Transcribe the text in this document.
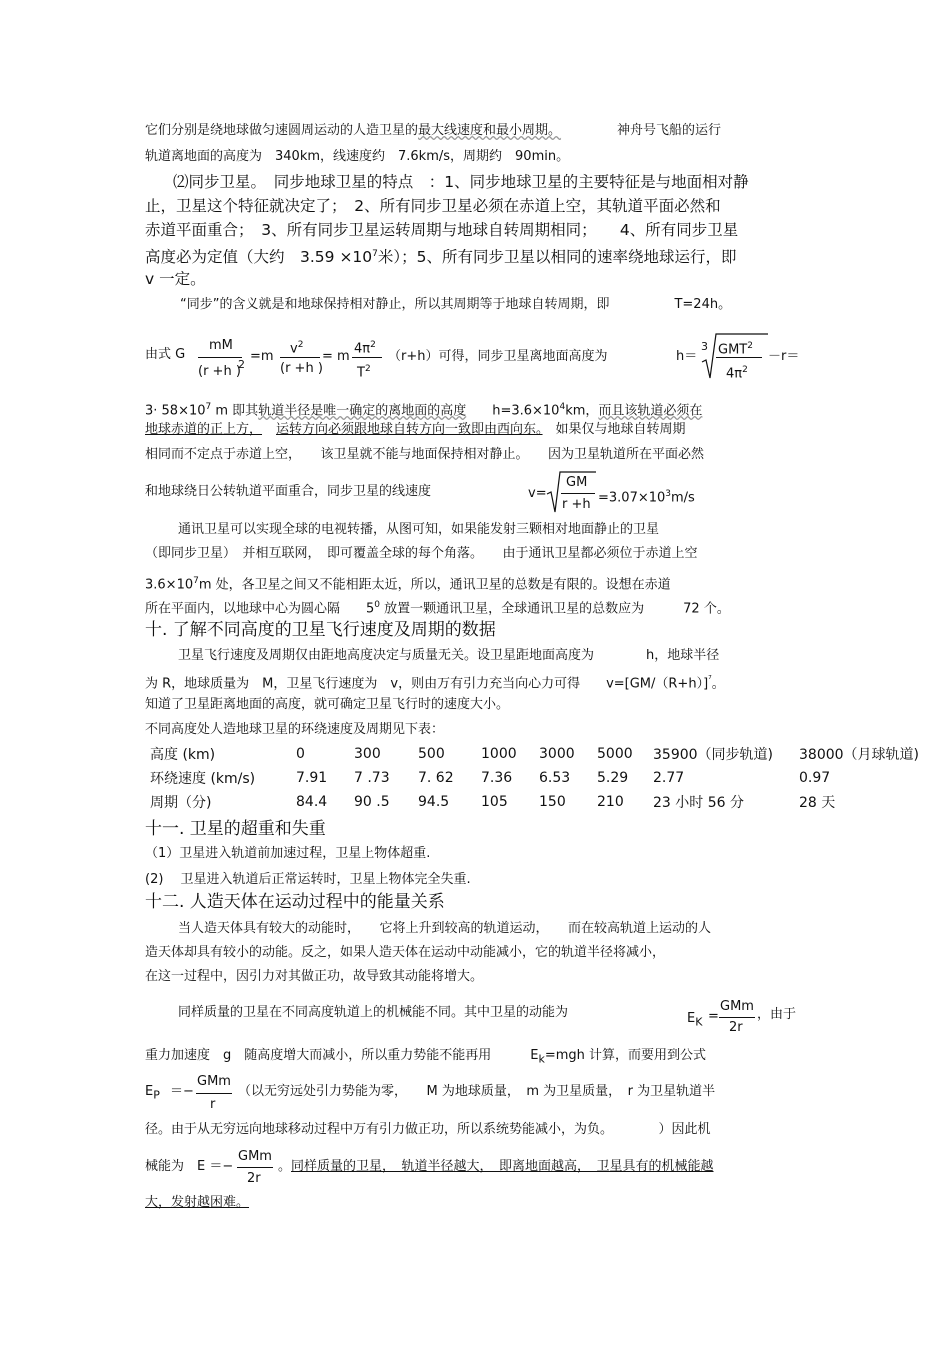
它们分别是绕地球做匀速圆周运动的人造卫星的最大线速度和最小周期。	神舟号飞船的运行
轨道离地面的高度为　340km，线速度约　7.6km/s，周期约　90min。
⑵同步卫星。　同步地球卫星的特点　：1、同步地球卫星的主要特征是与地面相对静
止，卫星这个特征就决定了；　2、所有同步卫星必须在赤道上空，其轨道平面必然和
赤道平面重合；　3、所有同步卫星运转周期与地球自转周期相同；　　4、所有同步卫星
高度必为定值（大约　$3.59 \times 10^7$米）；5、所有同步卫星以相同的速率绕地球运行，即
v 一定。
“同步”的含义就是和地球保持相对静止，所以其周期等于地球自转周期，即　　　　　T=24h。
由式 G
mM
(r +h )
2
=m
$v^2$
(r +h )
= m
$4\pi^2$
$T^2$
（r+h）可得，同步卫星离地面高度为	h＝
3 GMT$^2$
$4\pi^2$
－r＝
$3\cdot 58\times 10^7$ m 即其轨道半径是唯一确定的离地面的高度　　$h=3.6\times 10^4km$，而且该轨道必须在
地球赤道的正上方， 运转方向必须跟地球自转方向一致即由西向东。　如果仅与地球自转周期
相同而不定点于赤道上空，　　该卫星就不能与地面保持相对静止。　　因为卫星轨道所在平面必然
和地球绕日公转轨道平面重合，同步卫星的线速度	v=
GM
$r +h =3.07\times 10^3m/s$
通讯卫星可以实现全球的电视转播，从图可知，如果能发射三颗相对地面静止的卫星
（即同步卫星）　并相互联网，　即可覆盖全球的每个角落。　　由于通讯卫星都必须位于赤道上空
$3.6\times 10^7m$ 处，各卫星之间又不能相距太近，所以，通讯卫星的总数是有限的。设想在赤道
所在平面内，以地球中心为圆心隔　　$5^0$ 放置一颗通讯卫星，全球通讯卫星的总数应为　　　72 个。
十. 了解不同高度的卫星飞行速度及周期的数据
卫星飞行速度及周期仅由距地高度决定与质量无关。设卫星距地面高度为　　　　h，地球半径
为 R，地球质量为　M，卫星飞行速度为　v，则由万有引力充当向心力可得　　$v=[GM/(R+h)]^{^7}$。
知道了卫星距离地面的高度，就可确定卫星飞行时的速度大小。
不同高度处人造地球卫星的环绕速度及周期见下表：
高度 (km)	0	300	500	1000	3000	5000	35900（同步轨道)	38000（月球轨道)
环绕速度 (km/s)	7.91	7 .73	7. 62	7.36	6.53	5.29	2.77	0.97
周期（分)	84.4	90 .5	94.5	105	150	210	23 小时 56 分	28 天
十一. 卫星的超重和失重
（1）卫星进入轨道前加速过程，卫星上物体超重.
(2)　 卫星进入轨道后正常运转时，卫星上物体完全失重.
十二. 人造天体在运动过程中的能量关系
当人造天体具有较大的动能时，　　它将上升到较高的轨道运动，　　而在较高轨道上运动的人
造天体却具有较小的动能。反之，如果人造天体在运动中动能减小，它的轨道半径将减小，
在这一过程中，因引力对其做正功，故导致其动能将增大。
同样质量的卫星在不同高度轨道上的机械能不同。其中卫星的动能为	$E_K$ =
GMm
2r
，由于
重力加速度　g　随高度增大而减小，所以重力势能不能再用　　　$E_k=mgh$ 计算，而要用到公式
$E_P$ ＝−
GMm
r
（以无穷远处引力势能为零，　　M 为地球质量，　m 为卫星质量，　r 为卫星轨道半
径。由于从无穷远向地球移动过程中万有引力做正功，所以系统势能减小，为负。　　　　）因此机
械能为 E ＝−
GMm
2r
。同样质量的卫星，　轨道半径越大，　即离地面越高，　卫星具有的机械能越
大，发射越困难。
